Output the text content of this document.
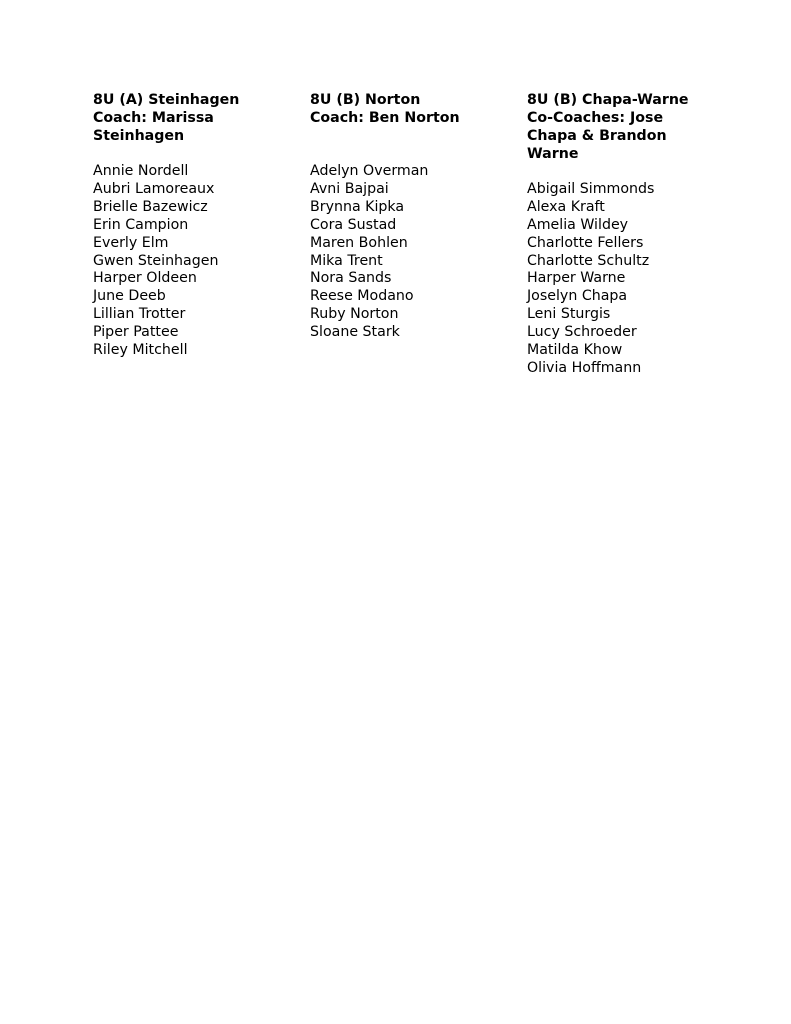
8U (A) Steinhagen
Coach: Marissa
Steinhagen
Annie Nordell
Aubri Lamoreaux
Brielle Bazewicz
Erin Campion
Everly Elm
Gwen Steinhagen
Harper Oldeen
June Deeb
Lillian Trotter
Piper Pattee
Riley Mitchell
8U (B) Norton
Coach: Ben Norton
Adelyn Overman
Avni Bajpai
Brynna Kipka
Cora Sustad
Maren Bohlen
Mika Trent
Nora Sands
Reese Modano
Ruby Norton
Sloane Stark
8U (B) Chapa-Warne
Co-Coaches: Jose
Chapa & Brandon
Warne
Abigail Simmonds
Alexa Kraft
Amelia Wildey
Charlotte Fellers
Charlotte Schultz
Harper Warne
Joselyn Chapa
Leni Sturgis
Lucy Schroeder
Matilda Khow
Olivia Hoffmann
